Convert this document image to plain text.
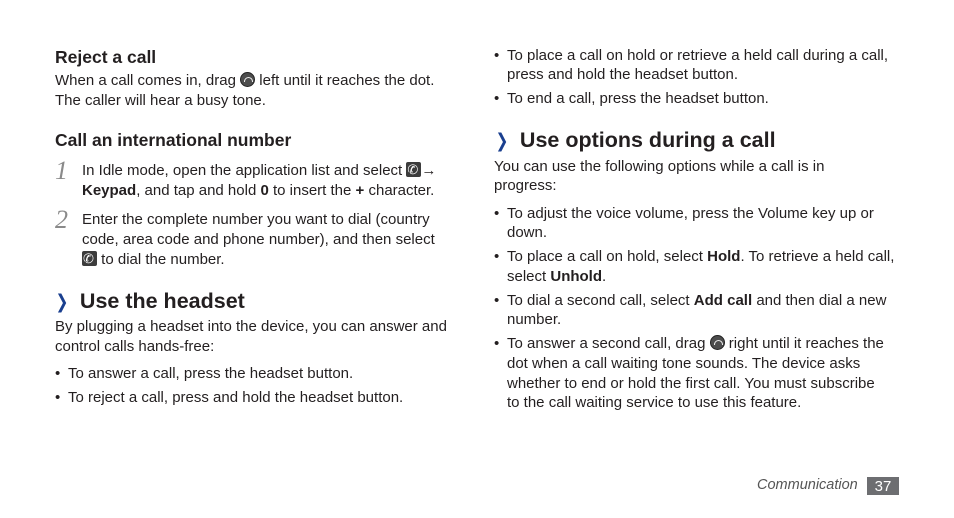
Reject a call

When a call comes in, drag left until it reaches the dot.

The caller will hear a busy tone.

Call an international number
1 In Idle mode, open the application list and select ✆ →

Keypad, and tap and hold 0 to insert the + character.

2 Enter the complete number you want to dial (country

code, area code and phone number), and then select

✆ to dial the number.

❯ Use the headset

By plugging a headset into the device, you can answer and

control calls hands-free:

• To answer a call, press the headset button.

• To reject a call, press and hold the headset button.

• To place a call on hold or retrieve a held call during a call,

press and hold the headset button.

• To end a call, press the headset button.

❯ Use options during a call

You can use the following options while a call is in

progress:

• To adjust the voice volume, press the Volume key up or

down.

• To place a call on hold, select Hold. To retrieve a held call,

select Unhold.

• To dial a second call, select Add call and then dial a new

number.

• To answer a second call, drag right until it reaches the

dot when a call waiting tone sounds. The device asks

whether to end or hold the first call. You must subscribe

to the call waiting service to use this feature.

Communication	37
